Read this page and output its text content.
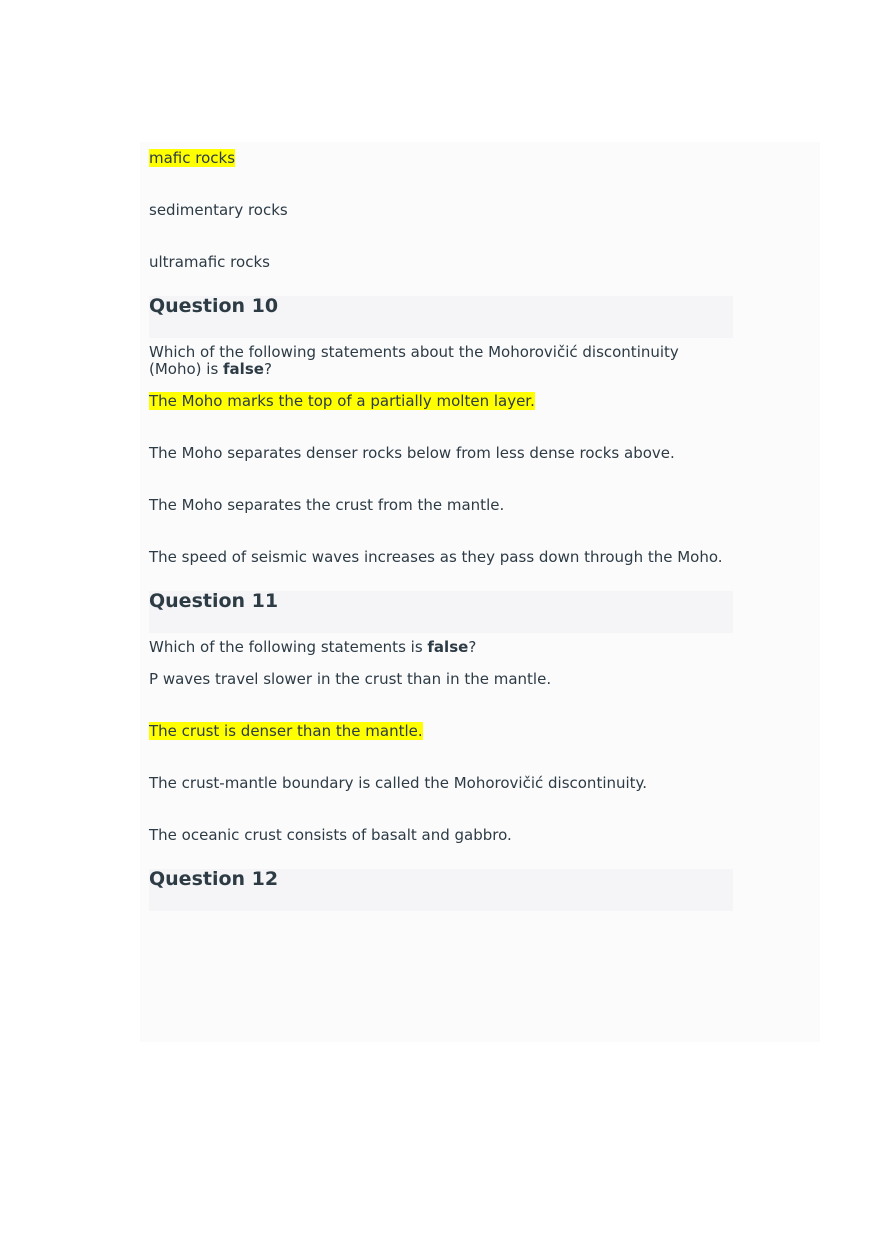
mafic rocks
sedimentary rocks
ultramafic rocks
Question 10
Which of the following statements about the Mohorovičić discontinuity
(Moho) is false?
The Moho marks the top of a partially molten layer.
The Moho separates denser rocks below from less dense rocks above.
The Moho separates the crust from the mantle.
The speed of seismic waves increases as they pass down through the Moho.
Question 11
Which of the following statements is false?
P waves travel slower in the crust than in the mantle.
The crust is denser than the mantle.
The crust-mantle boundary is called the Mohorovičić discontinuity.
The oceanic crust consists of basalt and gabbro.
Question 12
